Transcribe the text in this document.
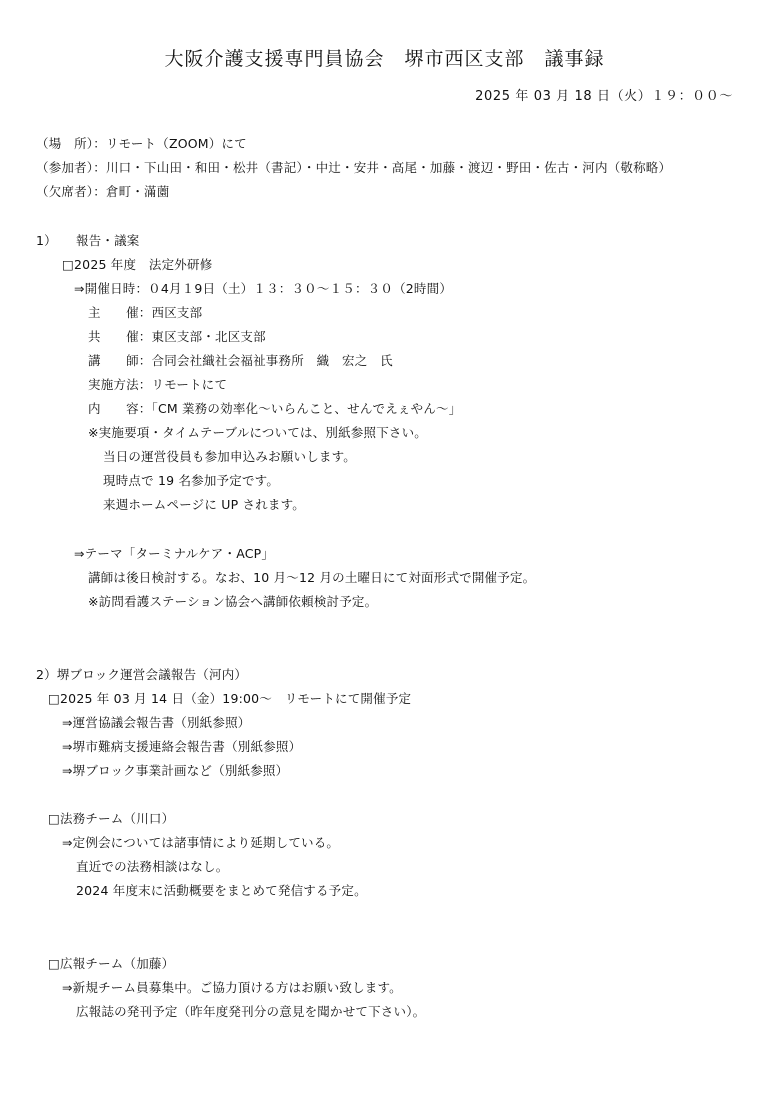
大阪介護支援専門員協会　堺市西区支部　議事録
2025 年 03 月 18 日（火）１９：００～
（場　所）：リモート（ZOOM）にて
（参加者）：川口・下山田・和田・松井（書記）・中辻・安井・高尾・加藤・渡辺・野田・佐古・河内（敬称略）
（欠席者）：倉町・滿薗
1）　　報告・議案
□2025 年度　法定外研修
⇒開催日時：０4月１9日（土）１３：３０～１５：３０（2時間）
主　　催：西区支部
共　　催：東区支部・北区支部
講　　師：合同会社織社会福祉事務所　織　宏之　氏
実施方法：リモートにて
内　　容：「CM 業務の効率化～いらんこと、せんでえぇやん～」
※実施要項・タイムテーブルについては、別紙参照下さい。
当日の運営役員も参加申込みお願いします。
現時点で 19 名参加予定です。
来週ホームページに UP されます。
⇒テーマ「ターミナルケア・ACP」
講師は後日検討する。なお、10 月～12 月の土曜日にて対面形式で開催予定。
※訪問看護ステーション協会へ講師依頼検討予定。
2）堺ブロック運営会議報告（河内）
□2025 年 03 月 14 日（金）19:00～　リモートにて開催予定
⇒運営協議会報告書（別紙参照）
⇒堺市難病支援連絡会報告書（別紙参照）
⇒堺ブロック事業計画など（別紙参照）
□法務チーム（川口）
⇒定例会については諸事情により延期している。
直近での法務相談はなし。
2024 年度末に活動概要をまとめて発信する予定。
□広報チーム（加藤）
⇒新規チーム員募集中。ご協力頂ける方はお願い致します。
広報誌の発刊予定（昨年度発刊分の意見を聞かせて下さい）。
